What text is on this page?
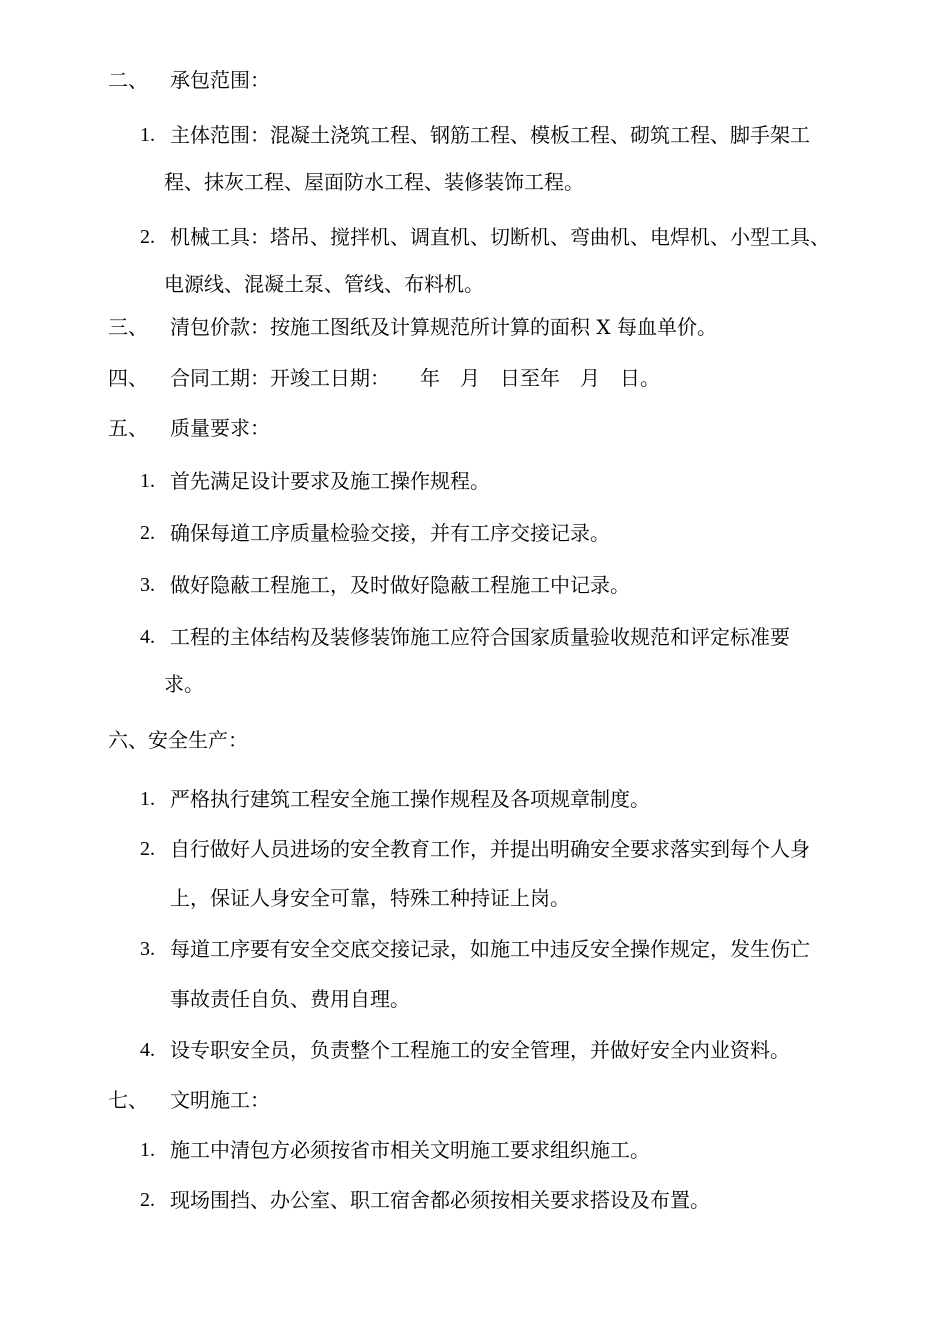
二、 承包范围：
1. 主体范围：混凝土浇筑工程、钢筋工程、模板工程、砌筑工程、脚手架工
程、抹灰工程、屋面防水工程、装修装饰工程。
2. 机械工具：塔吊、搅拌机、调直机、切断机、弯曲机、电焊机、小型工具、
电源线、混凝土泵、管线、布料机。
三、 清包价款：按施工图纸及计算规范所计算的面积 X 每血单价。
四、 合同工期：开竣工日期：　　年　月　日至年　月　日。
五、 质量要求：
1. 首先满足设计要求及施工操作规程。
2. 确保每道工序质量检验交接，并有工序交接记录。
3. 做好隐蔽工程施工，及时做好隐蔽工程施工中记录。
4. 工程的主体结构及装修装饰施工应符合国家质量验收规范和评定标准要
求。
六、安全生产：
1. 严格执行建筑工程安全施工操作规程及各项规章制度。
2. 自行做好人员进场的安全教育工作，并提出明确安全要求落实到每个人身
上，保证人身安全可靠，特殊工种持证上岗。
3. 每道工序要有安全交底交接记录，如施工中违反安全操作规定，发生伤亡
事故责任自负、费用自理。
4. 设专职安全员，负责整个工程施工的安全管理，并做好安全内业资料。
七、 文明施工：
1. 施工中清包方必须按省市相关文明施工要求组织施工。
2. 现场围挡、办公室、职工宿舍都必须按相关要求搭设及布置。
